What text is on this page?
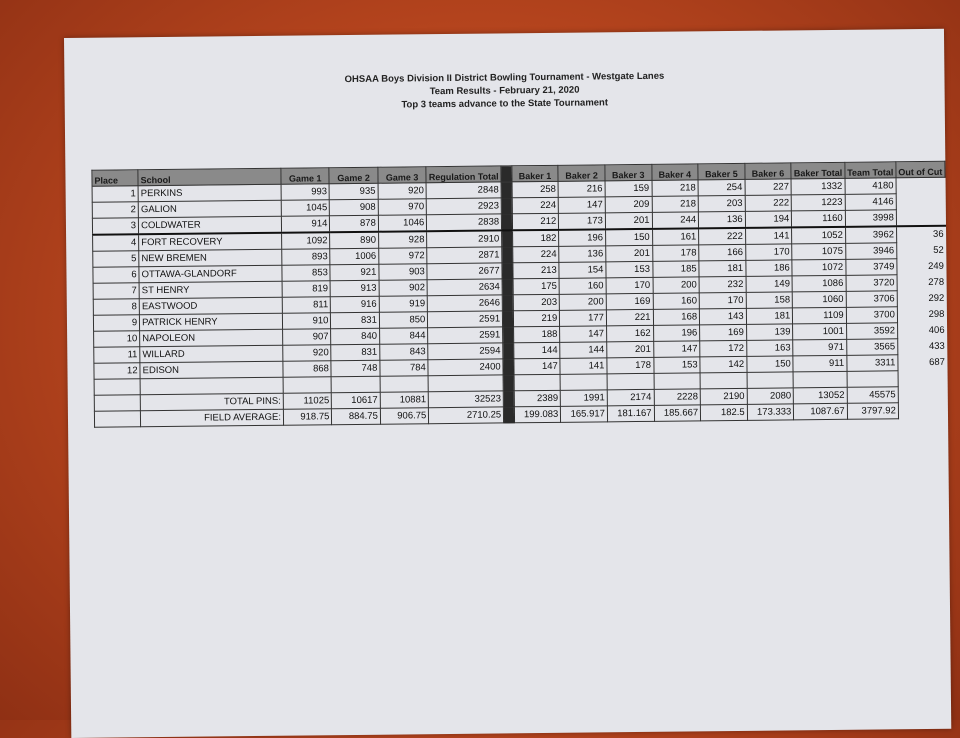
OHSAA Boys Division II District Bowling Tournament - Westgate Lanes
Team Results - February 21, 2020
Top 3 teams advance to the State Tournament
Place	School	Game 1	Game 2	Game 3	Regulation Total		Baker 1	Baker 2	Baker 3	Baker 4	Baker 5	Baker 6	Baker Total	Team Total	Out of Cut
1	PERKINS	993	935	920	2848		258	216	159	218	254	227	1332	4180	
2	GALION	1045	908	970	2923		224	147	209	218	203	222	1223	4146	
3	COLDWATER	914	878	1046	2838		212	173	201	244	136	194	1160	3998	
4	FORT RECOVERY	1092	890	928	2910		182	196	150	161	222	141	1052	3962	36
5	NEW BREMEN	893	1006	972	2871		224	136	201	178	166	170	1075	3946	52
6	OTTAWA-GLANDORF	853	921	903	2677		213	154	153	185	181	186	1072	3749	249
7	ST HENRY	819	913	902	2634		175	160	170	200	232	149	1086	3720	278
8	EASTWOOD	811	916	919	2646		203	200	169	160	170	158	1060	3706	292
9	PATRICK HENRY	910	831	850	2591		219	177	221	168	143	181	1109	3700	298
10	NAPOLEON	907	840	844	2591		188	147	162	196	169	139	1001	3592	406
11	WILLARD	920	831	843	2594		144	144	201	147	172	163	971	3565	433
12	EDISON	868	748	784	2400		147	141	178	153	142	150	911	3311	687

	TOTAL PINS:	11025	10617	10881	32523		2389	1991	2174	2228	2190	2080	13052	45575	
	FIELD AVERAGE:	918.75	884.75	906.75	2710.25		199.083	165.917	181.167	185.667	182.5	173.333	1087.67	3797.92	
